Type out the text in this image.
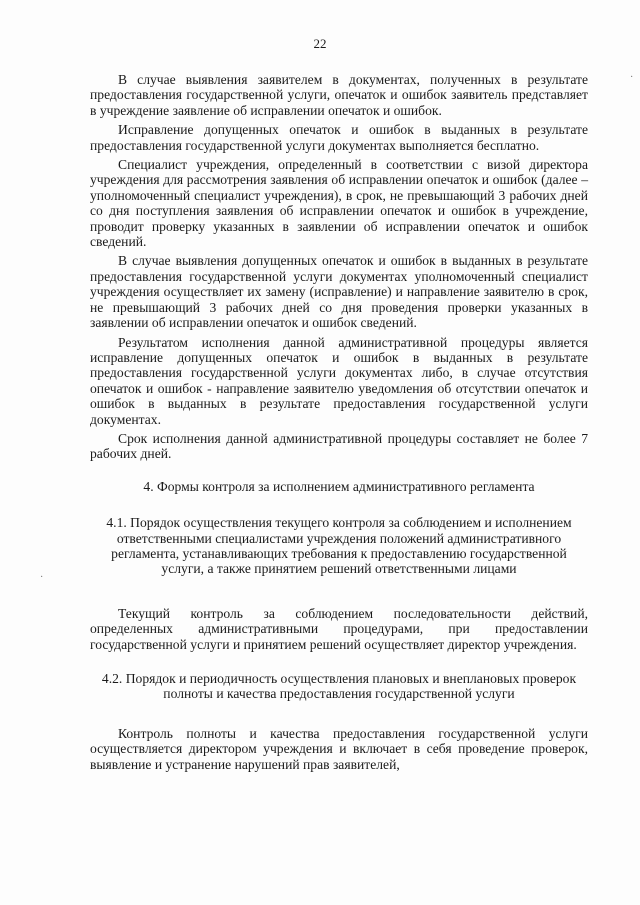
22

В случае выявления заявителем в документах, полученных в результате предоставления государственной услуги, опечаток и ошибок заявитель представляет в учреждение заявление об исправлении опечаток и ошибок.

Исправление допущенных опечаток и ошибок в выданных в результате предоставления государственной услуги документах выполняется бесплатно.

Специалист учреждения, определенный в соответствии с визой директора учреждения для рассмотрения заявления об исправлении опечаток и ошибок (далее – уполномоченный специалист учреждения), в срок, не превышающий 3 рабочих дней со дня поступления заявления об исправлении опечаток и ошибок в учреждение, проводит проверку указанных в заявлении об исправлении опечаток и ошибок сведений.

В случае выявления допущенных опечаток и ошибок в выданных в результате предоставления государственной услуги документах уполномоченный специалист учреждения осуществляет их замену (исправление) и направление заявителю в срок, не превышающий 3 рабочих дней со дня проведения проверки указанных в заявлении об исправлении опечаток и ошибок сведений.

Результатом исполнения данной административной процедуры является исправление допущенных опечаток и ошибок в выданных в результате предоставления государственной услуги документах либо, в случае отсутствия опечаток и ошибок - направление заявителю уведомления об отсутствии опечаток и ошибок в выданных в результате предоставления государственной услуги документах.

Срок исполнения данной административной процедуры составляет не более 7 рабочих дней.

4. Формы контроля за исполнением административного регламента

4.1. Порядок осуществления текущего контроля за соблюдением и исполнением ответственными специалистами учреждения положений административного регламента, устанавливающих требования к предоставлению государственной услуги, а также принятием решений ответственными лицами

Текущий контроль за соблюдением последовательности действий, определенных административными процедурами, при предоставлении государственной услуги и принятием решений осуществляет директор учреждения.

4.2. Порядок и периодичность осуществления плановых и внеплановых проверок полноты и качества предоставления государственной услуги

Контроль полноты и качества предоставления государственной услуги осуществляется директором учреждения и включает в себя проведение проверок, выявление и устранение нарушений прав заявителей,

·
·
